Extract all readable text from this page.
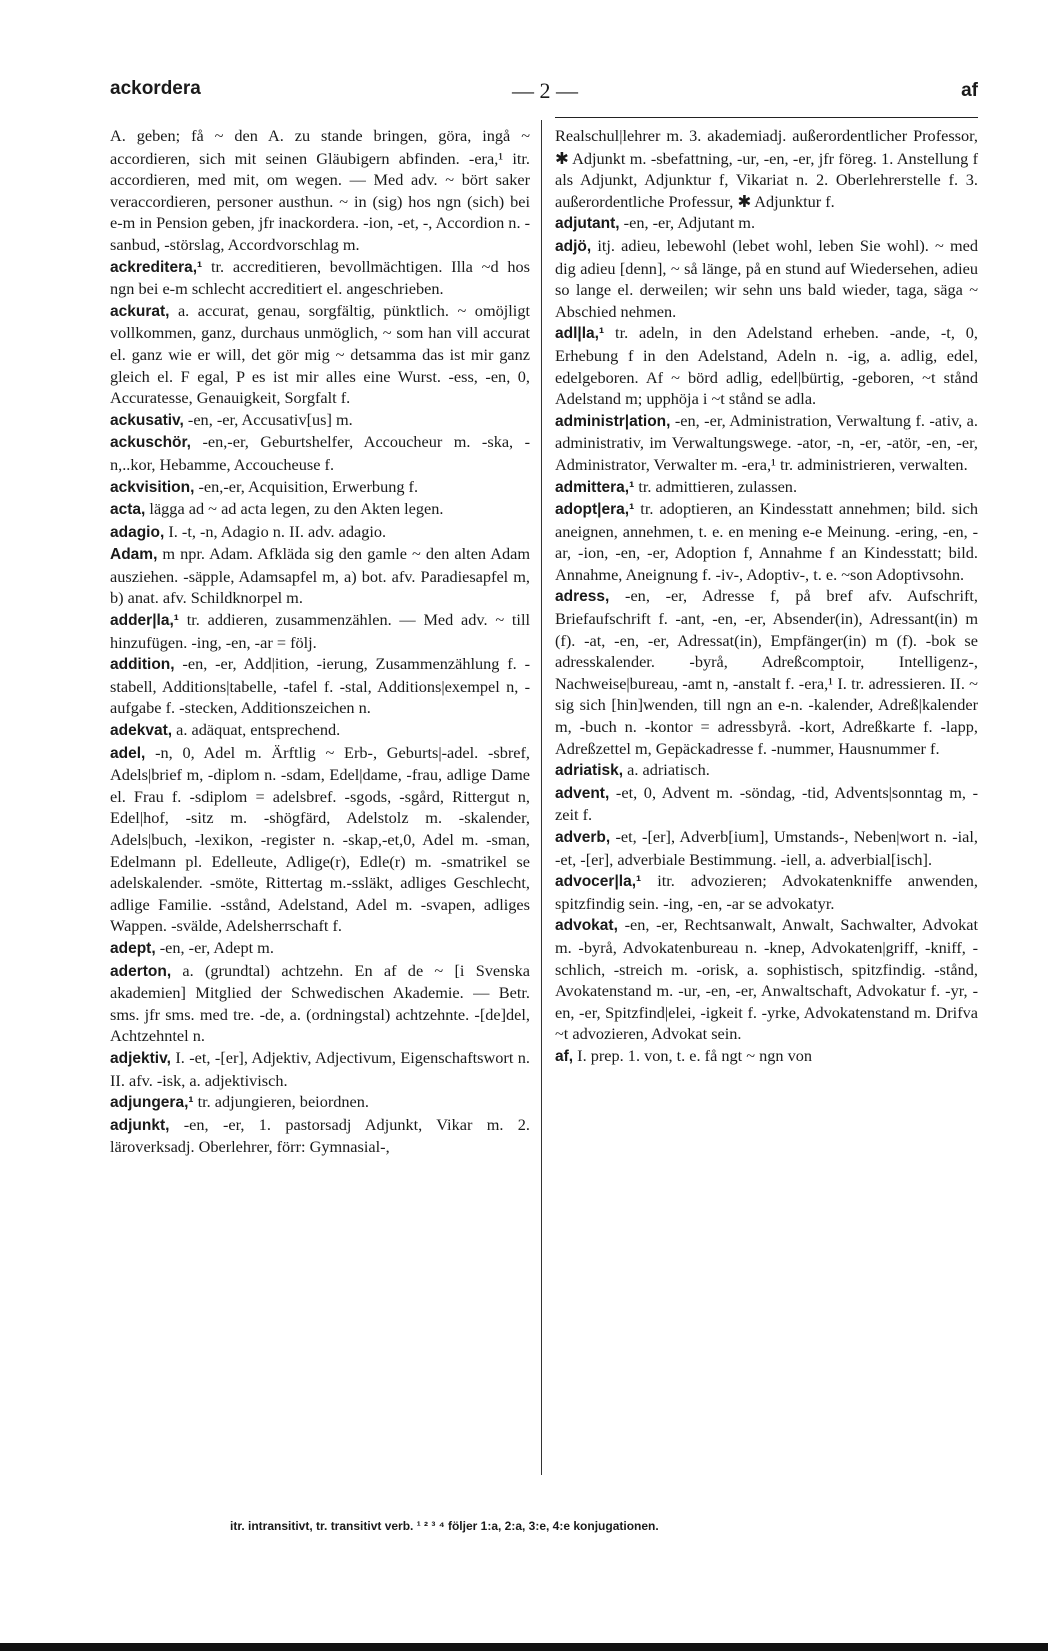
ackordera	— 2 —	af

A. geben; få ~ den A. zu stande bringen, göra, ingå ~ accordieren, sich mit seinen Gläubigern abfinden. -era,¹ itr. accordieren, med mit, om wegen. — Med adv. ~ bört saker veraccordieren, personer austhun. ~ in (sig) hos ngn (sich) bei e-m in Pension geben, jfr inackordera. -ion, -et, -, Accordion n. -sanbud, -störslag, Accordvorschlag m.

ackreditera,¹ tr. accreditieren, bevollmächtigen. Illa ~d hos ngn bei e-m schlecht accreditiert el. angeschrieben.

ackurat, a. accurat, genau, sorgfältig, pünktlich. ~ omöjligt vollkommen, ganz, durchaus unmöglich, ~ som han vill accurat el. ganz wie er will, det gör mig ~ detsamma das ist mir ganz gleich el. F egal, P es ist mir alles eine Wurst. -ess, -en, 0, Accuratesse, Genauigkeit, Sorgfalt f.

ackusativ, -en, -er, Accusativ[us] m.

ackuschör, -en,-er, Geburtshelfer, Accoucheur m. -ska, -n,..kor, Hebamme, Accoucheuse f.

ackvisition, -en,-er, Acquisition, Erwerbung f.

acta, lägga ad ~ ad acta legen, zu den Akten legen.

adagio, I. -t, -n, Adagio n. II. adv. adagio.

Adam, m npr. Adam. Afkläda sig den gamle ~ den alten Adam ausziehen. -säpple, Adamsapfel m, a) bot. afv. Paradiesapfel m, b) anat. afv. Schildknorpel m.

adder|la,¹ tr. addieren, zusammenzählen. — Med adv. ~ till hinzufügen. -ing, -en, -ar = följ.

addition, -en, -er, Add|ition, -ierung, Zusammenzählung f. -stabell, Additions|tabelle, -tafel f. -stal, Additions|exempel n, -aufgabe f. -stecken, Additionszeichen n.

adekvat, a. adäquat, entsprechend.

adel, -n, 0, Adel m. Ärftlig ~ Erb-, Geburts|-adel. -sbref, Adels|brief m, -diplom n. -sdam, Edel|dame, -frau, adlige Dame el. Frau f. -sdiplom = adelsbref. -sgods, -sgård, Rittergut n, Edel|hof, -sitz m. -shögfärd, Adelstolz m. -skalender, Adels|buch, -lexikon, -register n. -skap,-et,0, Adel m. -sman, Edelmann pl. Edelleute, Adlige(r), Edle(r) m. -smatrikel se adelskalender. -smöte, Rittertag m.-ssläkt, adliges Geschlecht, adlige Familie. -sstånd, Adelstand, Adel m. -svapen, adliges Wappen. -svälde, Adelsherrschaft f.

adept, -en, -er, Adept m.

aderton, a. (grundtal) achtzehn. En af de ~ [i Svenska akademien] Mitglied der Schwedischen Akademie. — Betr. sms. jfr sms. med tre. -de, a. (ordningstal) achtzehnte. -[de]del, Achtzehntel n.

adjektiv, I. -et, -[er], Adjektiv, Adjectivum, Eigenschaftswort n. II. afv. -isk, a. adjektivisch.

adjungera,¹ tr. adjungieren, beiordnen.

adjunkt, -en, -er, 1. pastorsadj Adjunkt, Vikar m. 2. läroverksadj. Oberlehrer, förr: Gymnasial-,

Realschul|lehrer m. 3. akademiadj. außerordentlicher Professor, ✱ Adjunkt m. -sbefattning, -ur, -en, -er, jfr föreg. 1. Anstellung f als Adjunkt, Adjunktur f, Vikariat n. 2. Oberlehrerstelle f. 3. außerordentliche Professur, ✱ Adjunktur f.

adjutant, -en, -er, Adjutant m.

adjö, itj. adieu, lebewohl (lebet wohl, leben Sie wohl). ~ med dig adieu [denn], ~ så länge, på en stund auf Wiedersehen, adieu so lange el. derweilen; wir sehn uns bald wieder, taga, säga ~ Abschied nehmen.

adl|la,¹ tr. adeln, in den Adelstand erheben. -ande, -t, 0, Erhebung f in den Adelstand, Adeln n. -ig, a. adlig, edel, edelgeboren. Af ~ börd adlig, edel|bürtig, -geboren, ~t stånd Adelstand m; upphöja i ~t stånd se adla.

administr|ation, -en, -er, Administration, Verwaltung f. -ativ, a. administrativ, im Verwaltungswege. -ator, -n, -er, -atör, -en, -er, Administrator, Verwalter m. -era,¹ tr. administrieren, verwalten.

admittera,¹ tr. admittieren, zulassen.

adopt|era,¹ tr. adoptieren, an Kindesstatt annehmen; bild. sich aneignen, annehmen, t. e. en mening e-e Meinung. -ering, -en, -ar, -ion, -en, -er, Adoption f, Annahme f an Kindesstatt; bild. Annahme, Aneignung f. -iv-, Adoptiv-, t. e. ~son Adoptivsohn.

adress, -en, -er, Adresse f, på bref afv. Aufschrift, Briefaufschrift f. -ant, -en, -er, Absender(in), Adressant(in) m (f). -at, -en, -er, Adressat(in), Empfänger(in) m (f). -bok se adresskalender. -byrå, Adreßcomptoir, Intelligenz-, Nachweise|bureau, -amt n, -anstalt f. -era,¹ I. tr. adressieren. II. ~ sig sich [hin]wenden, till ngn an e-n. -kalender, Adreß|kalender m, -buch n. -kontor = adressbyrå. -kort, Adreßkarte f. -lapp, Adreßzettel m, Gepäckadresse f. -nummer, Hausnummer f.

adriatisk, a. adriatisch.

advent, -et, 0, Advent m. -söndag, -tid, Advents|sonntag m, -zeit f.

adverb, -et, -[er], Adverb[ium], Umstands-, Neben|wort n. -ial, -et, -[er], adverbiale Bestimmung. -iell, a. adverbial[isch].

advocer|la,¹ itr. advozieren; Advokatenkniffe anwenden, spitzfindig sein. -ing, -en, -ar se advokatyr.

advokat, -en, -er, Rechtsanwalt, Anwalt, Sachwalter, Advokat m. -byrå, Advokatenbureau n. -knep, Advokaten|griff, -kniff, -schlich, -streich m. -orisk, a. sophistisch, spitzfindig. -stånd, Avokatenstand m. -ur, -en, -er, Anwaltschaft, Advokatur f. -yr, -en, -er, Spitzfind|elei, -igkeit f. -yrke, Advokatenstand m. Drifva ~t advozieren, Advokat sein.

af, I. prep. 1. von, t. e. få ngt ~ ngn von

itr. intransitivt, tr. transitivt verb. ¹ ² ³ ⁴ följer 1:a, 2:a, 3:e, 4:e konjugationen.
